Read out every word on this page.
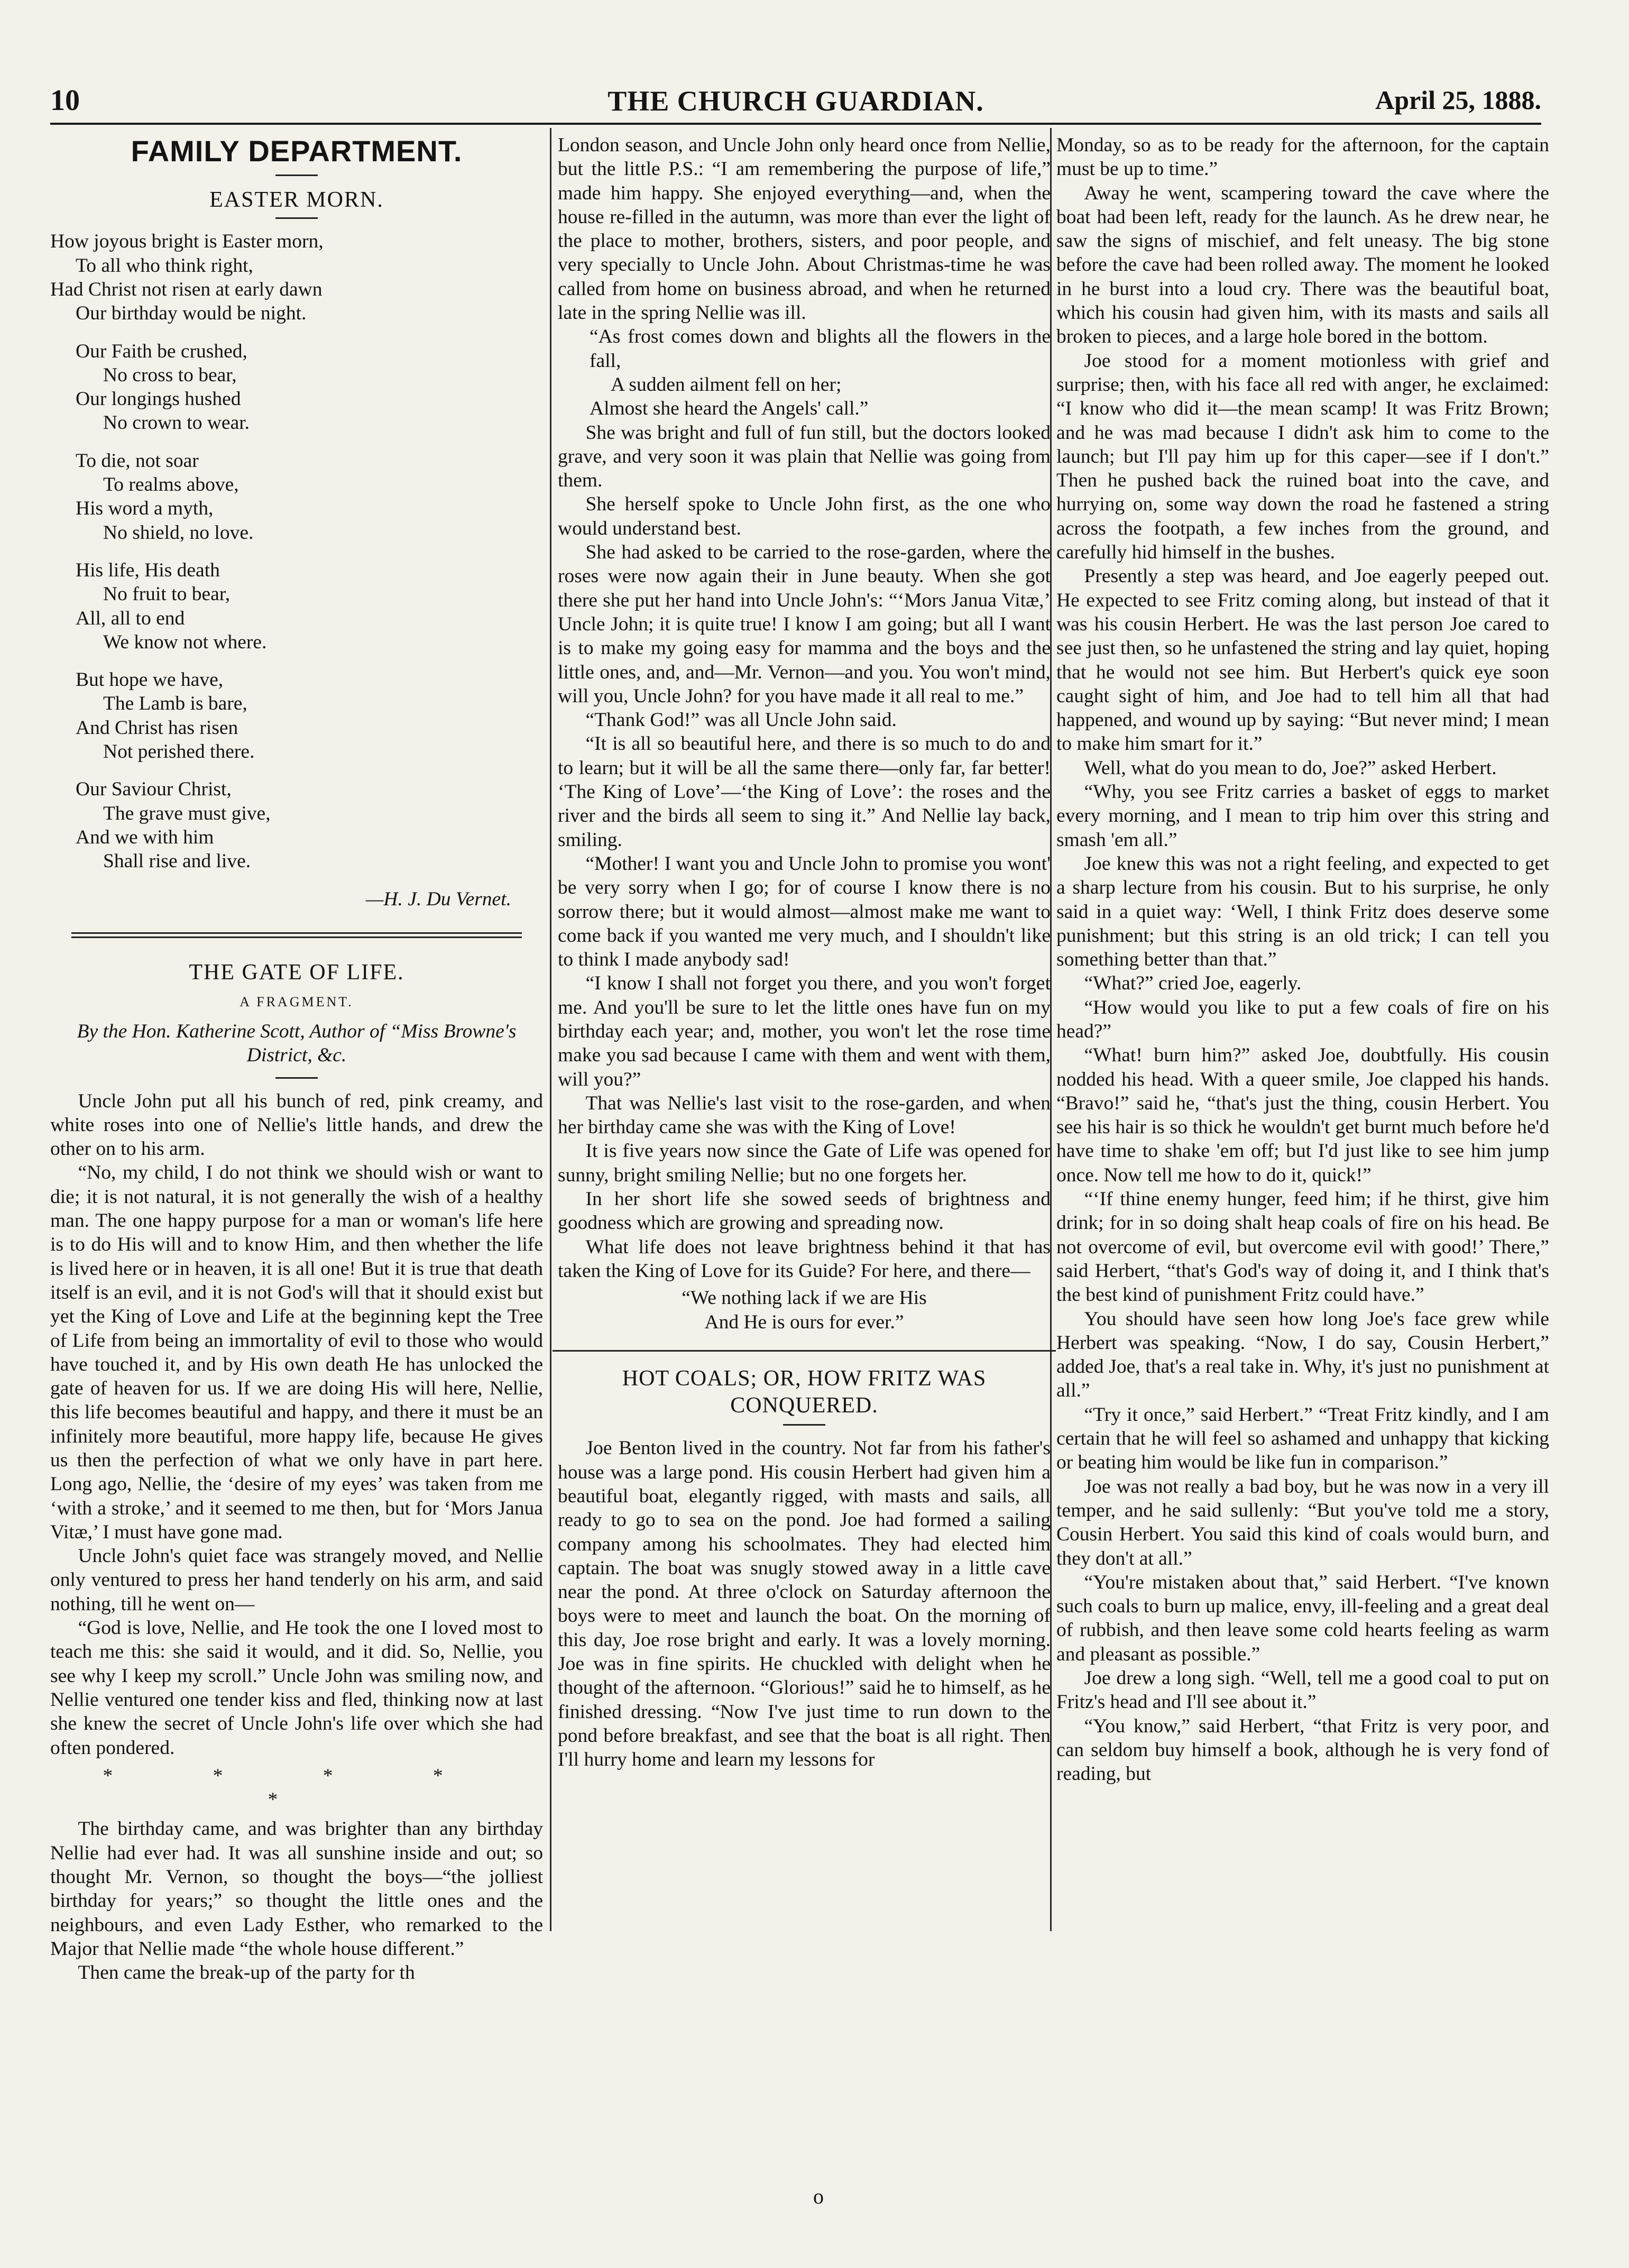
10	THE CHURCH GUARDIAN.	April 25, 1888.
FAMILY DEPARTMENT.
EASTER MORN.
How joyous bright is Easter morn,
To all who think right,
Had Christ not risen at early dawn
Our birthday would be night.
Our Faith be crushed,
No cross to bear,
Our longings hushed
No crown to wear.
To die, not soar
To realms above,
His word a myth,
No shield, no love.
His life, His death
No fruit to bear,
All, all to end
We know not where.
But hope we have,
The Lamb is bare,
And Christ has risen
Not perished there.
Our Saviour Christ,
The grave must give,
And we with him
Shall rise and live.
—H. J. Du Vernet.
THE GATE OF LIFE.
A FRAGMENT.
By the Hon. Katherine Scott, Author of “Miss Browne's District, &c.

Uncle John put all his bunch of red, pink creamy, and white roses into one of Nellie's little hands, and drew the other on to his arm.

“No, my child, I do not think we should wish or want to die; it is not natural, it is not generally the wish of a healthy man. The one happy purpose for a man or woman's life here is to do His will and to know Him, and then whether the life is lived here or in heaven, it is all one! But it is true that death itself is an evil, and it is not God's will that it should exist but yet the King of Love and Life at the beginning kept the Tree of Life from being an immortality of evil to those who would have touched it, and by His own death He has unlocked the gate of heaven for us. If we are doing His will here, Nellie, this life becomes beautiful and happy, and there it must be an infinitely more beautiful, more happy life, because He gives us then the perfection of what we only have in part here. Long ago, Nellie, the ‘desire of my eyes’ was taken from me ‘with a stroke,’ and it seemed to me then, but for ‘Mors Janua Vitæ,’ I must have gone mad.

Uncle John's quiet face was strangely moved, and Nellie only ventured to press her hand tenderly on his arm, and said nothing, till he went on—

“God is love, Nellie, and He took the one I loved most to teach me this: she said it would, and it did. So, Nellie, you see why I keep my scroll.” Uncle John was smiling now, and Nellie ventured one tender kiss and fled, thinking now at last she knew the secret of Uncle John's life over which she had often pondered.

* * * * *

The birthday came, and was brighter than any birthday Nellie had ever had. It was all sunshine inside and out; so thought Mr. Vernon, so thought the boys—“the jolliest birthday for years;” so thought the little ones and the neighbours, and even Lady Esther, who remarked to the Major that Nellie made “the whole house different.”

Then came the break-up of the party for th

London season, and Uncle John only heard once from Nellie, but the little P.S.: “I am remembering the purpose of life,” made him happy. She enjoyed everything—and, when the house re-filled in the autumn, was more than ever the light of the place to mother, brothers, sisters, and poor people, and very specially to Uncle John. About Christmas-time he was called from home on business abroad, and when he returned late in the spring Nellie was ill.

“As frost comes down and blights all the flowers in the fall,
A sudden ailment fell on her;
Almost she heard the Angels' call.”

She was bright and full of fun still, but the doctors looked grave, and very soon it was plain that Nellie was going from them.

She herself spoke to Uncle John first, as the one who would understand best.

She had asked to be carried to the rose-garden, where the roses were now again their in June beauty. When she got there she put her hand into Uncle John's: “‘Mors Janua Vitæ,’ Uncle John; it is quite true! I know I am going; but all I want is to make my going easy for mamma and the boys and the little ones, and, and—Mr. Vernon—and you. You won't mind, will you, Uncle John? for you have made it all real to me.”

“Thank God!” was all Uncle John said.

“It is all so beautiful here, and there is so much to do and to learn; but it will be all the same there—only far, far better! ‘The King of Love’—‘the King of Love’: the roses and the river and the birds all seem to sing it.” And Nellie lay back, smiling.

“Mother! I want you and Uncle John to promise you wont' be very sorry when I go; for of course I know there is no sorrow there; but it would almost—almost make me want to come back if you wanted me very much, and I shouldn't like to think I made anybody sad!

“I know I shall not forget you there, and you won't forget me. And you'll be sure to let the little ones have fun on my birthday each year; and, mother, you won't let the rose time make you sad because I came with them and went with them, will you?”

That was Nellie's last visit to the rose-garden, and when her birthday came she was with the King of Love!

It is five years now since the Gate of Life was opened for sunny, bright smiling Nellie; but no one forgets her.

In her short life she sowed seeds of brightness and goodness which are growing and spreading now.

What life does not leave brightness behind it that has taken the King of Love for its Guide? For here, and there—

“We nothing lack if we are His
And He is ours for ever.”
HOT COALS; OR, HOW FRITZ WAS CONQUERED.

Joe Benton lived in the country. Not far from his father's house was a large pond. His cousin Herbert had given him a beautiful boat, elegantly rigged, with masts and sails, all ready to go to sea on the pond. Joe had formed a sailing company among his schoolmates. They had elected him captain. The boat was snugly stowed away in a little cave near the pond. At three o'clock on Saturday afternoon the boys were to meet and launch the boat. On the morning of this day, Joe rose bright and early. It was a lovely morning. Joe was in fine spirits. He chuckled with delight when he thought of the afternoon. “Glorious!” said he to himself, as he finished dressing. “Now I've just time to run down to the pond before breakfast, and see that the boat is all right. Then I'll hurry home and learn my lessons for

Monday, so as to be ready for the afternoon, for the captain must be up to time.”

Away he went, scampering toward the cave where the boat had been left, ready for the launch. As he drew near, he saw the signs of mischief, and felt uneasy. The big stone before the cave had been rolled away. The moment he looked in he burst into a loud cry. There was the beautiful boat, which his cousin had given him, with its masts and sails all broken to pieces, and a large hole bored in the bottom.

Joe stood for a moment motionless with grief and surprise; then, with his face all red with anger, he exclaimed: “I know who did it—the mean scamp! It was Fritz Brown; and he was mad because I didn't ask him to come to the launch; but I'll pay him up for this caper—see if I don't.” Then he pushed back the ruined boat into the cave, and hurrying on, some way down the road he fastened a string across the footpath, a few inches from the ground, and carefully hid himself in the bushes.

Presently a step was heard, and Joe eagerly peeped out. He expected to see Fritz coming along, but instead of that it was his cousin Herbert. He was the last person Joe cared to see just then, so he unfastened the string and lay quiet, hoping that he would not see him. But Herbert's quick eye soon caught sight of him, and Joe had to tell him all that had happened, and wound up by saying: “But never mind; I mean to make him smart for it.”

Well, what do you mean to do, Joe?” asked Herbert.

“Why, you see Fritz carries a basket of eggs to market every morning, and I mean to trip him over this string and smash 'em all.”

Joe knew this was not a right feeling, and expected to get a sharp lecture from his cousin. But to his surprise, he only said in a quiet way: ‘Well, I think Fritz does deserve some punishment; but this string is an old trick; I can tell you something better than that.”

“What?” cried Joe, eagerly.

“How would you like to put a few coals of fire on his head?”

“What! burn him?” asked Joe, doubtfully. His cousin nodded his head. With a queer smile, Joe clapped his hands. “Bravo!” said he, “that's just the thing, cousin Herbert. You see his hair is so thick he wouldn't get burnt much before he'd have time to shake 'em off; but I'd just like to see him jump once. Now tell me how to do it, quick!”

“‘If thine enemy hunger, feed him; if he thirst, give him drink; for in so doing shalt heap coals of fire on his head. Be not overcome of evil, but overcome evil with good!’ There,” said Herbert, “that's God's way of doing it, and I think that's the best kind of punishment Fritz could have.”

You should have seen how long Joe's face grew while Herbert was speaking. “Now, I do say, Cousin Herbert,” added Joe, that's a real take in. Why, it's just no punishment at all.”

“Try it once,” said Herbert.” “Treat Fritz kindly, and I am certain that he will feel so ashamed and unhappy that kicking or beating him would be like fun in comparison.”

Joe was not really a bad boy, but he was now in a very ill temper, and he said sullenly: “But you've told me a story, Cousin Herbert. You said this kind of coals would burn, and they don't at all.”

“You're mistaken about that,” said Herbert. “I've known such coals to burn up malice, envy, ill-feeling and a great deal of rubbish, and then leave some cold hearts feeling as warm and pleasant as possible.”

Joe drew a long sigh. “Well, tell me a good coal to put on Fritz's head and I'll see about it.”

“You know,” said Herbert, “that Fritz is very poor, and can seldom buy himself a book, although he is very fond of reading, but

o
